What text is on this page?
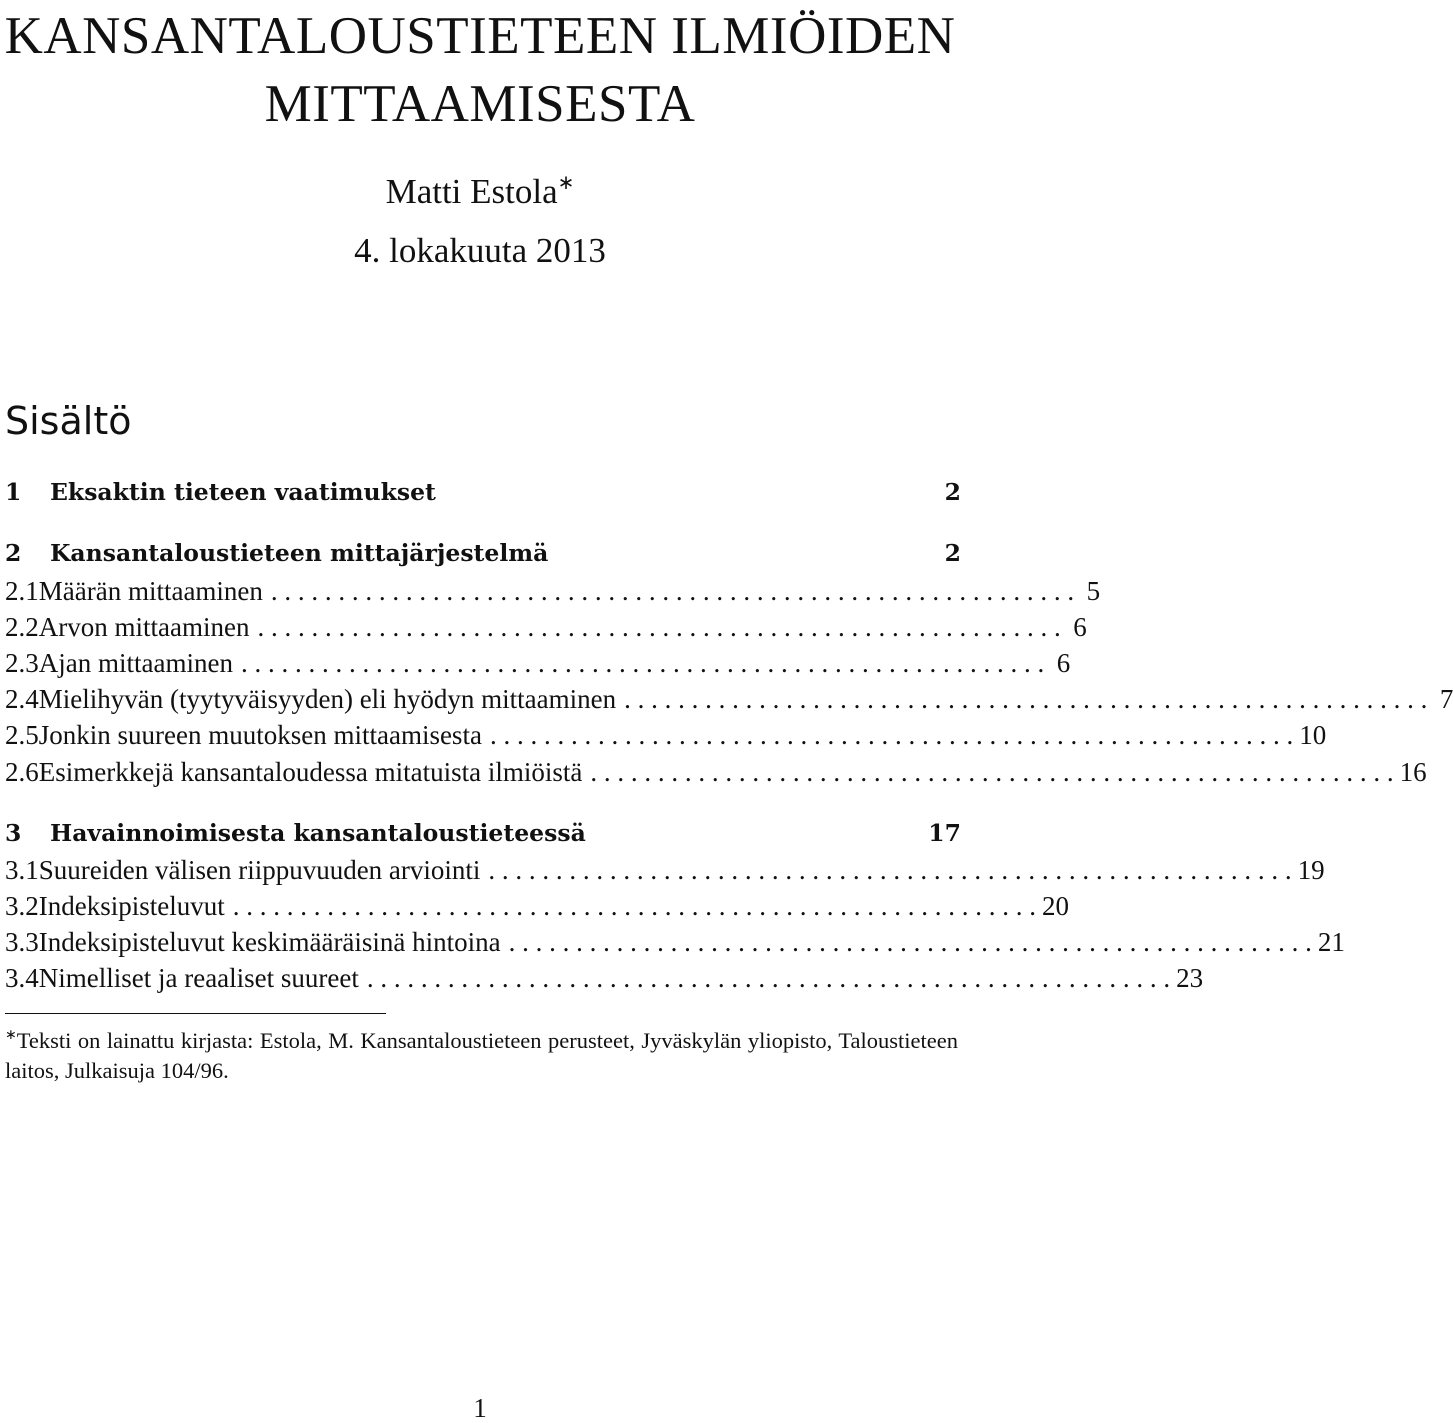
KANSANTALOUSTIETEEN ILMIÖIDEN
MITTAAMISESTA
Matti Estola∗
4. lokakuuta 2013
Sisältö
1	Eksaktin tieteen vaatimukset	2
2	Kansantaloustieteen mittajärjestelmä	2
2.1 Määrän mittaaminen . . . . . . . . . . . . . . . . . . . . . . . . . . . . . . . . . . . . . . . . . . . . . . . . . . . . . . . . . . . . 5
2.2 Arvon mittaaminen . . . . . . . . . . . . . . . . . . . . . . . . . . . . . . . . . . . . . . . . . . . . . . . . . . . . . . . . . . . . 6
2.3 Ajan mittaaminen . . . . . . . . . . . . . . . . . . . . . . . . . . . . . . . . . . . . . . . . . . . . . . . . . . . . . . . . . . . . 6
2.4 Mielihyvän (tyytyväisyyden) eli hyödyn mittaaminen . . . . . . . . . . . . . . . . . . . . . . . . . . . . . . . . . . . . . . . . . . . . . . . . . . . . . . . . . . . . 7
2.5 Jonkin suureen muutoksen mittaamisesta . . . . . . . . . . . . . . . . . . . . . . . . . . . . . . . . . . . . . . . . . . . . . . . . . . . . . . . . . . . . 10
2.6 Esimerkkejä kansantaloudessa mitatuista ilmiöistä . . . . . . . . . . . . . . . . . . . . . . . . . . . . . . . . . . . . . . . . . . . . . . . . . . . . . . . . . . . . 16
3	Havainnoimisesta kansantaloustieteessä	17
3.1 Suureiden välisen riippuvuuden arviointi . . . . . . . . . . . . . . . . . . . . . . . . . . . . . . . . . . . . . . . . . . . . . . . . . . . . . . . . . . . . 19
3.2 Indeksipisteluvut . . . . . . . . . . . . . . . . . . . . . . . . . . . . . . . . . . . . . . . . . . . . . . . . . . . . . . . . . . . . 20
3.3 Indeksipisteluvut keskimääräisinä hintoina . . . . . . . . . . . . . . . . . . . . . . . . . . . . . . . . . . . . . . . . . . . . . . . . . . . . . . . . . . . . 21
3.4 Nimelliset ja reaaliset suureet . . . . . . . . . . . . . . . . . . . . . . . . . . . . . . . . . . . . . . . . . . . . . . . . . . . . . . . . . . . . 23
∗Teksti on lainattu kirjasta: Estola, M. Kansantaloustieteen perusteet, Jyväskylän yliopisto, Taloustieteen laitos, Julkaisuja 104/96.
1
